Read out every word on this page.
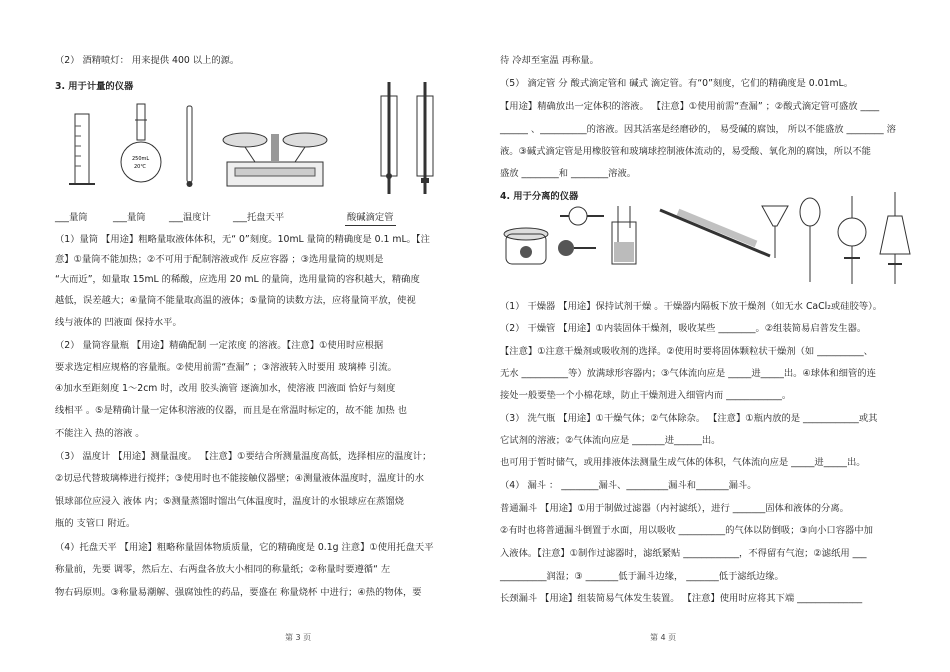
（2） 酒精喷灯： 用来提供 400 以上的源。
3. 用于计量的仪器
250mL
20℃
___量筒	___量筒	___温度计 ___托盘天平	酸碱滴定管
（1）量筒 【用途】粗略量取液体体积，无“ 0”刻度。10mL 量筒的精确度是 0.1 mL。【注
意】①量筒不能加热；②不可用于配制溶液或作 反应容器 ；③选用量筒的规则是
“大而近”，如量取 15mL 的稀酸，应选用 20 mL 的量筒，选用量筒的容积越大，精确度
越低，误差越大；④量筒不能量取高温的液体；⑤量筒的读数方法，应将量筒平放，使视
线与液体的 凹液面 保持水平。
（2） 量筒容量瓶 【用途】精确配制 一定浓度 的溶液。【注意】①使用时应根据
要求选定相应规格的容量瓶。②使用前需“查漏” ；③溶液转入时要用 玻璃棒 引流。
④加水至距刻度 1～2cm 时，改用 胶头滴管 逐滴加水，使溶液 凹液面 恰好与刻度
线相平 。⑤是精确计量一定体积溶液的仪器，而且是在常温时标定的，故不能 加热 也
不能注入 热的溶液 。
（3） 温度计 【用途】测量温度。 【注意】①要结合所测量温度高低，选择相应的温度计；
②切忌代替玻璃棒进行搅拌；③使用时也不能接触仪器壁；④测量液体温度时，温度计的水
银球部位应浸入 液体 内；⑤测量蒸馏时馏出气体温度时，温度计的水银球应在蒸馏烧
瓶的 支管口 附近。
（4）托盘天平 【用途】粗略称量固体物质质量，它的精确度是 0.1g 注意】①使用托盘天平
称量前，先要 调零，然后左、右两盘各放大小相同的称量纸；②称量时要遵循“ 左
物右码原则。③称量易潮解、强腐蚀性的药品，要盛在 称量烧杯 中进行；④热的物体，要
第 3 页
待 冷却至室温 再称量。
（5） 滴定管 分 酸式滴定管和 碱式 滴定管。有“0”刻度，它们的精确度是 0.01mL。
【用途】精确放出一定体积的溶液。 【注意】①使用前需“查漏” ；②酸式滴定管可盛放 ____
______ 、__________的溶液。因其活塞是经磨砂的， 易受碱的腐蚀， 所以不能盛放 ________ 溶
液。③碱式滴定管是用橡胶管和玻璃球控制液体流动的，易受酸、氧化剂的腐蚀，所以不能
盛放 ________和 ________溶液。
4. 用于分离的仪器
（1） 干燥器 【用途】保持试剂干燥 。干燥器内隔板下放干燥剂（如无水 CaCl₂或硅胶等）。
（2） 干燥管 【用途】①内装固体干燥剂，吸收某些 ________。②组装简易启普发生器。
【注意】①注意干燥剂或吸收剂的选择。②使用时要将固体颗粒状干燥剂（如 __________、
无水 __________等）放满球形容器内；③气体流向应是 _____进_____出。④球体和细管的连
接处一般要垫一个小棉花球，防止干燥剂进入细管内而 ____________。
（3） 洗气瓶 【用途】①干燥气体；②气体除杂。 【注意】①瓶内放的是 ____________或其
它试剂的溶液；②气体流向应是 _______进______出。
也可用于暂时储气，或用排液体法测量生成气体的体积，气体流向应是 _____进_____出。
（4） 漏斗 ： ________漏斗、_________漏斗和_______漏斗。
普通漏斗 【用途】①用于制做过滤器（内衬滤纸），进行 _______固体和液体的分离。
②有时也将普通漏斗倒置于水面，用以吸收 __________的气体以防倒吸；③向小口容器中加
入液体。【注意】①制作过滤器时，滤纸紧贴 ____________，不得留有气泡；②滤纸用 ___
__________润湿；③ _______低于漏斗边缘， _______低于滤纸边缘。
长颈漏斗 【用途】组装简易气体发生装置。 【注意】使用时应将其下端 ______________
第 4 页
